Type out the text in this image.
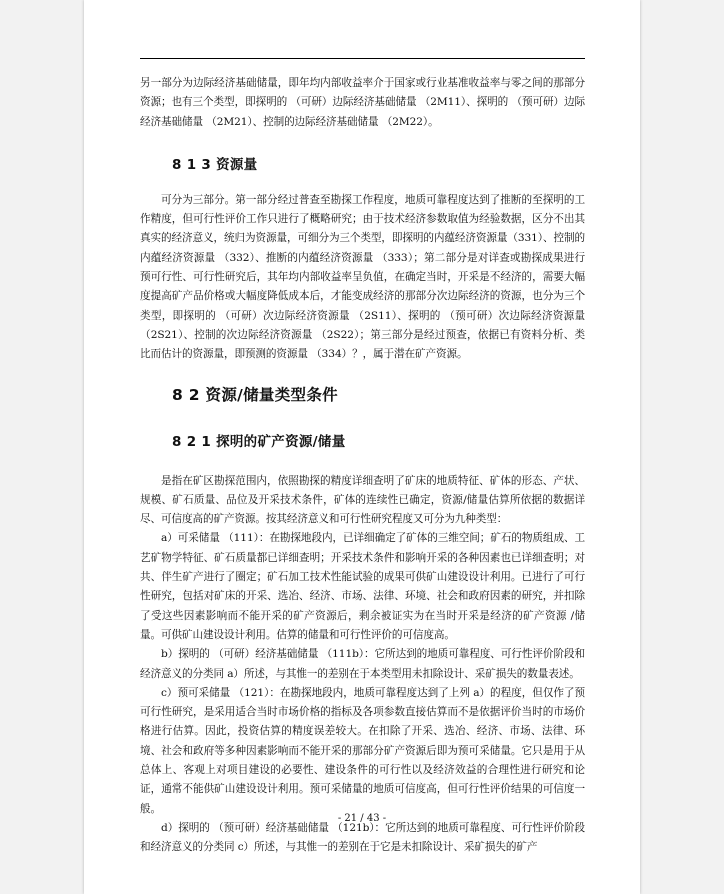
另一部分为边际经济基础储量，即年均内部收益率介于国家或行业基准收益率与零之间的那部分资源；也有三个类型，即探明的 （可研）边际经济基础储量 （2M11）、探明的 （预可研）边际经济基础储量 （2M21）、控制的边际经济基础储量 （2M22）。

8 1 3 资源量

可分为三部分。第一部分经过普查至勘探工作程度，地质可靠程度达到了推断的至探明的工作精度，但可行性评价工作只进行了概略研究；由于技术经济参数取值为经验数据，区分不出其真实的经济意义，统归为资源量，可细分为三个类型，即探明的内蕴经济资源量（331）、控制的内蕴经济资源量 （332）、推断的内蕴经济资源量 （333）；第二部分是对详查或勘探成果进行预可行性、可行性研究后，其年均内部收益率呈负值，在确定当时，开采是不经济的，需要大幅度提高矿产品价格或大幅度降低成本后，才能变成经济的那部分次边际经济的资源，也分为三个类型，即探明的 （可研）次边际经济资源量 （2S11）、探明的 （预可研）次边际经济资源量 （2S21）、控制的次边际经济资源量 （2S22）；第三部分是经过预查，依据已有资料分析、类比而估计的资源量，即预测的资源量 （334）？，属于潜在矿产资源。

8 2 资源/储量类型条件
8 2 1 探明的矿产资源/储量

是指在矿区勘探范围内，依照勘探的精度详细查明了矿床的地质特征、矿体的形态、产状、规模、矿石质量、品位及开采技术条件，矿体的连续性已确定，资源/储量估算所依据的数据详尽、可信度高的矿产资源。按其经济意义和可行性研究程度又可分为九种类型：

a）可采储量 （111）：在勘探地段内，已详细确定了矿体的三维空间；矿石的物质组成、工艺矿物学特征、矿石质量都已详细查明；开采技术条件和影响开采的各种因素也已详细查明；对共、伴生矿产进行了圈定；矿石加工技术性能试验的成果可供矿山建设设计利用。已进行了可行性研究，包括对矿床的开采、选冶、经济、市场、法律、环境、社会和政府因素的研究，并扣除了受这些因素影响而不能开采的矿产资源后，剩余被证实为在当时开采是经济的矿产资源 /储量。可供矿山建设设计利用。估算的储量和可行性评价的可信度高。

b）探明的 （可研）经济基础储量 （111b）：它所达到的地质可靠程度、可行性评价阶段和经济意义的分类同 a）所述，与其惟一的差别在于本类型用未扣除设计、采矿损失的数量表述。

c）预可采储量 （121）：在勘探地段内，地质可靠程度达到了上列 a）的程度，但仅作了预可行性研究，是采用适合当时市场价格的指标及各项参数直接估算而不是依据评价当时的市场价格进行估算。因此，投资估算的精度误差较大。在扣除了开采、选冶、经济、市场、法律、环境、社会和政府等多种因素影响而不能开采的那部分矿产资源后即为预可采储量。它只是用于从总体上、客观上对项目建设的必要性、建设条件的可行性以及经济效益的合理性进行研究和论证，通常不能供矿山建设设计利用。预可采储量的地质可信度高，但可行性评价结果的可信度一般。

d）探明的 （预可研）经济基础储量 （121b）：它所达到的地质可靠程度、可行性评价阶段和经济意义的分类同 c）所述，与其惟一的差别在于它是未扣除设计、采矿损失的矿产

- 21 / 43 -
